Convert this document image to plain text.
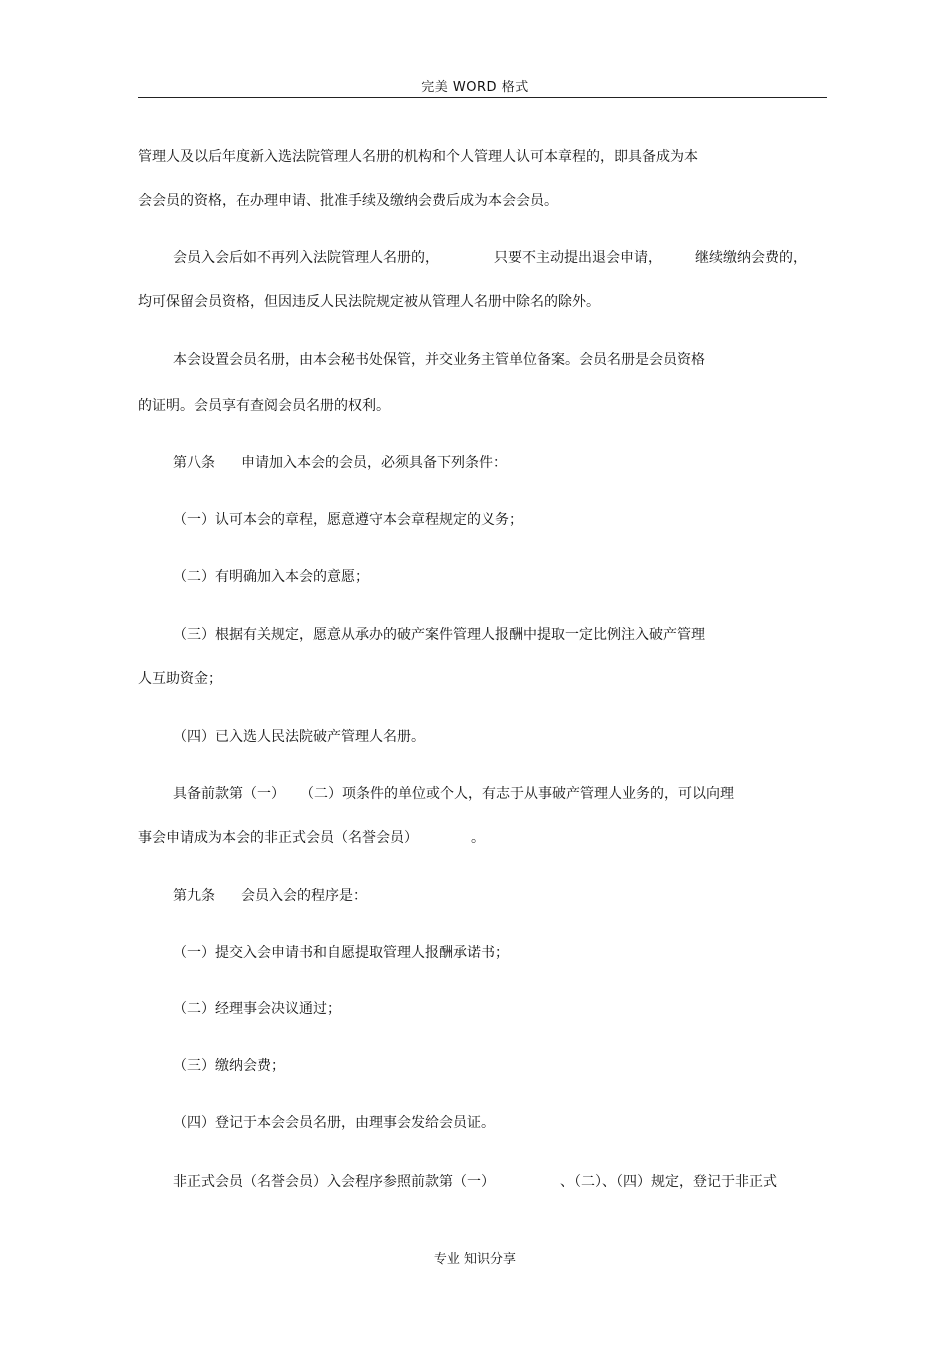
完美 WORD 格式
管理人及以后年度新入选法院管理人名册的机构和个人管理人认可本章程的，即具备成为本
会会员的资格，在办理申请、批准手续及缴纳会费后成为本会会员。
会员入会后如不再列入法院管理人名册的，	只要不主动提出退会申请， 继续缴纳会费的，
均可保留会员资格，但因违反人民法院规定被从管理人名册中除名的除外。
本会设置会员名册，由本会秘书处保管，并交业务主管单位备案。会员名册是会员资格
的证明。会员享有查阅会员名册的权利。
第八条 申请加入本会的会员，必须具备下列条件：
（一）认可本会的章程，愿意遵守本会章程规定的义务；
（二）有明确加入本会的意愿；
（三）根据有关规定，愿意从承办的破产案件管理人报酬中提取一定比例注入破产管理
人互助资金；
（四）已入选人民法院破产管理人名册。
具备前款第（一） （二）项条件的单位或个人，有志于从事破产管理人业务的，可以向理
事会申请成为本会的非正式会员（名誉会员）	。
第九条 会员入会的程序是：
（一）提交入会申请书和自愿提取管理人报酬承诺书；
（二）经理事会决议通过；
（三）缴纳会费；
（四）登记于本会会员名册，由理事会发给会员证。
非正式会员（名誉会员）入会程序参照前款第（一）	、（二）、（四）规定，登记于非正式
专业 知识分享
